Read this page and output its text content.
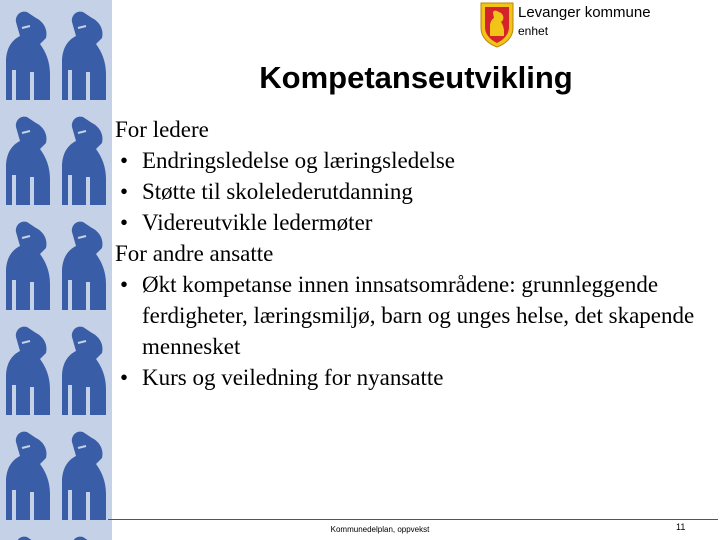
Levanger kommune
enhet
Kompetanseutvikling
For ledere
• Endringsledelse og læringsledelse
• Støtte til skolelederutdanning
• Videreutvikle ledermøter
For andre ansatte
• Økt kompetanse innen innsatsområdene: grunnleggende ferdigheter, læringsmiljø, barn og unges helse, det skapende mennesket
• Kurs og veiledning for nyansatte
Kommunedelplan, oppvekst	11
